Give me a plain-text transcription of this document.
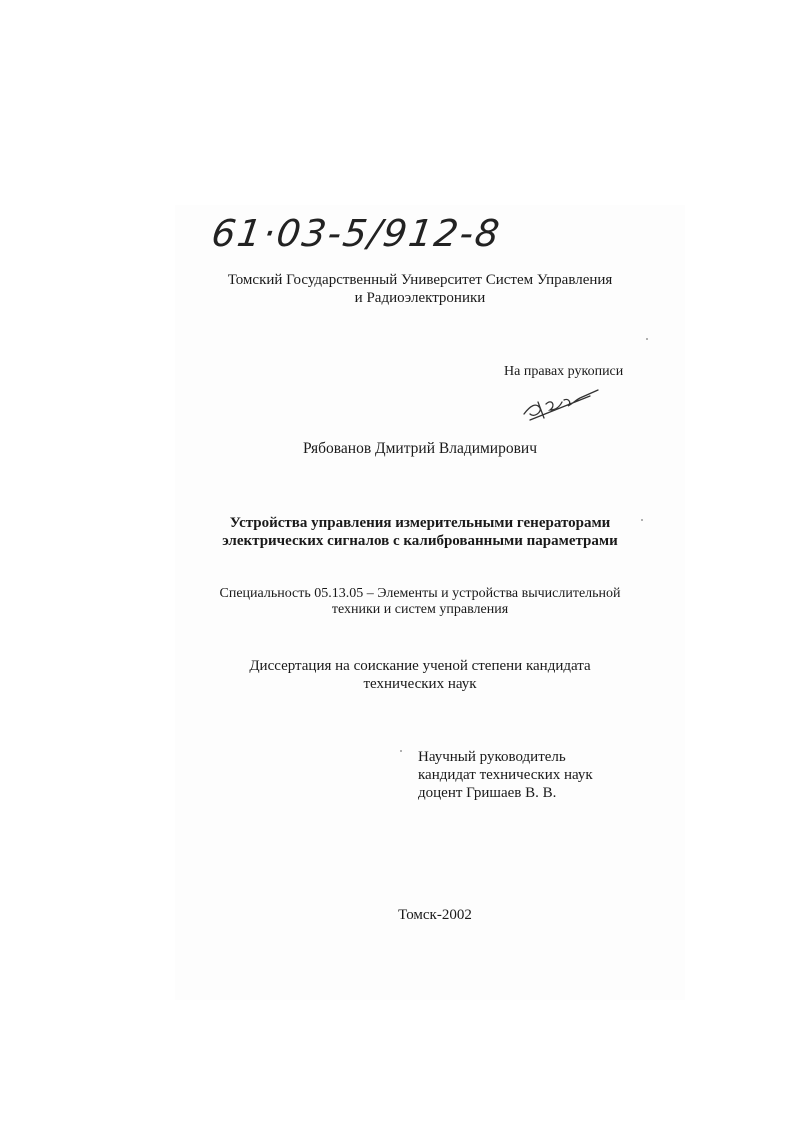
61·03-5/912-8
Томский Государственный Университет Систем Управления
и Радиоэлектроники
На правах рукописи
Рябованов Дмитрий Владимирович
Устройства управления измерительными генераторами
электрических сигналов с калиброванными параметрами
Специальность 05.13.05 – Элементы и устройства вычислительной
техники и систем управления
Диссертация на соискание ученой степени кандидата
технических наук
Научный руководитель
кандидат технических наук
доцент Гришаев В. В.
Томск-2002
